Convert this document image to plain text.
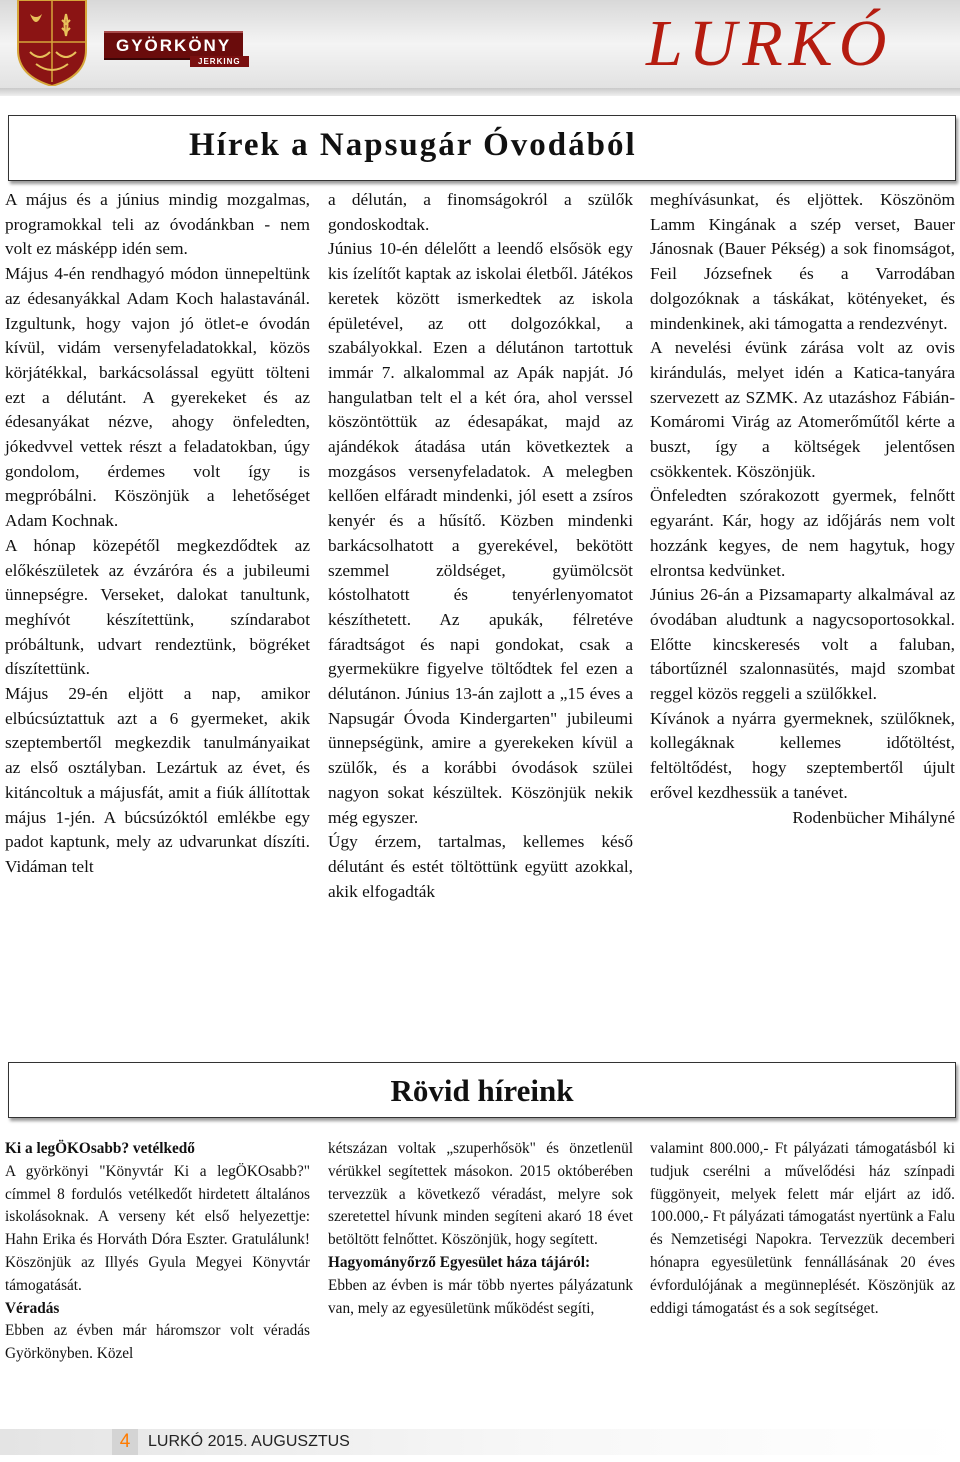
GYÖRKÖNY
JERKING	LURKÓ
Hírek a Napsugár Óvodából

A május és a június mindig mozgalmas, programokkal teli az óvodánkban - nem volt ez másképp idén sem.

Május 4-én rendhagyó módon ünnepeltünk az édesanyákkal Adam Koch halastavánál. Izgultunk, hogy vajon jó ötlet-e óvodán kívül, vidám versenyfeladatokkal, közös körjátékkal, barkácsolással együtt tölteni ezt a délutánt. A gyerekeket és az édesanyákat nézve, ahogy önfeledten, jókedvvel vettek részt a feladatokban, úgy gondolom, érdemes volt így is megpróbálni. Köszönjük a lehetőséget Adam Kochnak.

A hónap közepétől megkezdődtek az előkészületek az évzáróra és a jubileumi ünnepségre. Verseket, dalokat tanultunk, meghívót készítettünk, színdarabot próbáltunk, udvart rendeztünk, bögréket díszítettünk.

Május 29-én eljött a nap, amikor elbúcsúztattuk azt a 6 gyermeket, akik szeptembertől megkezdik tanulmányaikat az első osztályban. Lezártuk az évet, és kitáncoltuk a májusfát, amit a fiúk állítottak május 1-jén. A búcsúzóktól emlékbe egy padot kaptunk, mely az udvarunkat díszíti. Vidáman telt

a délután, a finomságokról a szülők gondoskodtak.

Június 10-én délelőtt a leendő elsősök egy kis ízelítőt kaptak az iskolai életből. Játékos keretek között ismerkedtek az iskola épületével, az ott dolgozókkal, a szabályokkal. Ezen a délutánon tartottuk immár 7. alkalommal az Apák napját. Jó hangulatban telt el a két óra, ahol verssel köszöntöttük az édesapákat, majd az ajándékok átadása után következtek a mozgásos versenyfeladatok. A melegben kellően elfáradt mindenki, jól esett a zsíros kenyér és a hűsítő. Közben mindenki barkácsolhatott a gyerekével, bekötött szemmel zöldséget, gyümölcsöt kóstolhatott és tenyérlenyomatot készíthetett. Az apukák, félretéve fáradtságot és napi gondokat, csak a gyermekükre figyelve töltődtek fel ezen a délutánon. Június 13-án zajlott a „15 éves a Napsugár Óvoda Kindergarten" jubileumi ünnepségünk, amire a gyerekeken kívül a szülők, és a korábbi óvodások szülei nagyon sokat készültek. Köszönjük nekik még egyszer.

Úgy érzem, tartalmas, kellemes késő délutánt és estét töltöttünk együtt azokkal, akik elfogadták

meghívásunkat, és eljöttek. Köszönöm Lamm Kingának a szép verset, Bauer Jánosnak (Bauer Pékség) a sok finomságot, Feil Józsefnek és a Varrodában dolgozóknak a táskákat, kötényeket, és mindenkinek, aki támogatta a rendezvényt.

A nevelési évünk zárása volt az ovis kirándulás, melyet idén a Katica-tanyára szervezett az SZMK. Az utazáshoz Fábián-Komáromi Virág az Atomerőműtől kérte a buszt, így a költségek jelentősen csökkentek. Köszönjük.

Önfeledten szórakozott gyermek, felnőtt egyaránt. Kár, hogy az időjárás nem volt hozzánk kegyes, de nem hagytuk, hogy elrontsa kedvünket.

Június 26-án a Pizsamaparty alkalmával az óvodában aludtunk a nagycsoportosokkal. Előtte kincskeresés volt a faluban, tábortűznél szalonnasütés, majd szombat reggel közös reggeli a szülőkkel.

Kívánok a nyárra gyermeknek, szülőknek, kollegáknak kellemes időtöltést, feltöltődést, hogy szeptembertől újult erővel kezdhessük a tanévet.

Rodenbücher Mihályné

Rövid híreink

Ki a legÖKOsabb? vetélkedő

A györkönyi "Könyvtár Ki a legÖKOsabb?" címmel 8 fordulós vetélkedőt hirdetett általános iskolásoknak. A verseny két első helyezettje: Hahn Erika és Horváth Dóra Eszter. Gratulálunk! Köszönjük az Illyés Gyula Megyei Könyvtár támogatását.

Véradás

Ebben az évben már háromszor volt véradás Györkönyben. Közel

kétszázan voltak „szuperhősök" és önzetlenül vérükkel segítettek másokon. 2015 októberében tervezzük a következő véradást, melyre sok szeretettel hívunk minden segíteni akaró 18 évet betöltött felnőttet. Köszönjük, hogy segített.

Hagyományőrző Egyesület háza tájáról:

Ebben az évben is már több nyertes pályázatunk van, mely az egyesületünk működést segíti,

valamint 800.000,- Ft pályázati támogatásból ki tudjuk cserélni a művelődési ház színpadi függönyeit, melyek felett már eljárt az idő. 100.000,- Ft pályázati támogatást nyertünk a Falu és Nemzetiségi Napokra. Tervezzük decemberi hónapra egyesületünk fennállásának 20 éves évfordulójának a megünneplését. Köszönjük az eddigi támogatást és a sok segítséget.

4	LURKÓ 2015. AUGUSZTUS
